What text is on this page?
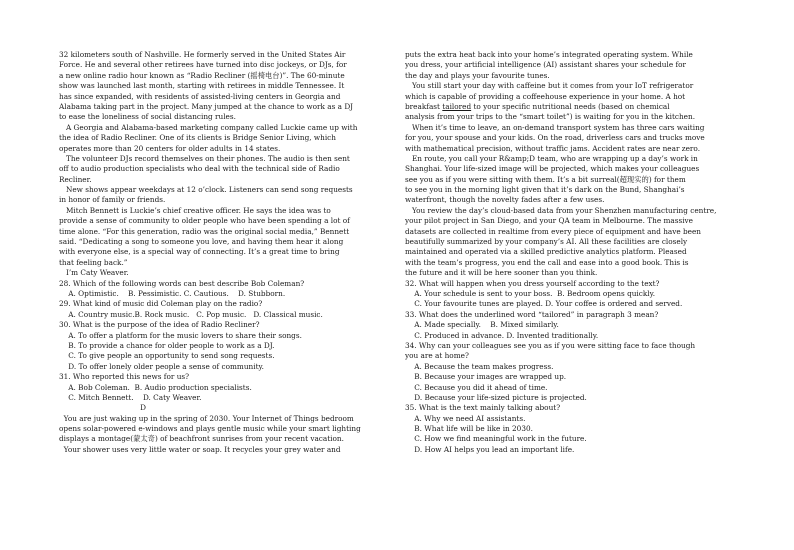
32 kilometers south of Nashville. He formerly served in the United States Air
Force. He and several other retirees have turned into disc jockeys, or DJs, for
a new online radio hour known as “Radio Recliner (摇椅电台)”. The 60-minute
show was launched last month, starting with retirees in middle Tennessee. It
has since expanded, with residents of assisted-living centers in Georgia and
Alabama taking part in the project. Many jumped at the chance to work as a DJ
to ease the loneliness of social distancing rules.
A Georgia and Alabama-based marketing company called Luckie came up with
the idea of Radio Recliner. One of its clients is Bridge Senior Living, which
operates more than 20 centers for older adults in 14 states.
The volunteer DJs record themselves on their phones. The audio is then sent
off to audio production specialists who deal with the technical side of Radio
Recliner.
New shows appear weekdays at 12 o’clock. Listeners can send song requests
in honor of family or friends.
Mitch Bennett is Luckie’s chief creative officer. He says the idea was to
provide a sense of community to older people who have been spending a lot of
time alone. “For this generation, radio was the original social media,” Bennett
said. “Dedicating a song to someone you love, and having them hear it along
with everyone else, is a special way of connecting. It’s a great time to bring
that feeling back.”
I’m Caty Weaver.
28. Which of the following words can best describe Bob Coleman?
A. Optimistic.    B. Pessimistic. C. Cautious.    D. Stubborn.
29. What kind of music did Coleman play on the radio?
A. Country music.B. Rock music.   C. Pop music.   D. Classical music.
30. What is the purpose of the idea of Radio Recliner?
A. To offer a platform for the music lovers to share their songs.
B. To provide a chance for older people to work as a DJ.
C. To give people an opportunity to send song requests.
D. To offer lonely older people a sense of community.
31. Who reported this news for us?
A. Bob Coleman.  B. Audio production specialists.
C. Mitch Bennett.    D. Caty Weaver.
D
You are just waking up in the spring of 2030. Your Internet of Things bedroom
opens solar-powered e-windows and plays gentle music while your smart lighting
displays a montage(蒙太奇) of beachfront sunrises from your recent vacation.
Your shower uses very little water or soap. It recycles your grey water and
puts the extra heat back into your home’s integrated operating system. While
you dress, your artificial intelligence (AI) assistant shares your schedule for
the day and plays your favourite tunes.
You still start your day with caffeine but it comes from your IoT refrigerator
which is capable of providing a coffeehouse experience in your home. A hot
breakfast tailored to your specific nutritional needs (based on chemical
analysis from your trips to the “smart toilet”) is waiting for you in the kitchen.
When it’s time to leave, an on-demand transport system has three cars waiting
for you, your spouse and your kids. On the road, driverless cars and trucks move
with mathematical precision, without traffic jams. Accident rates are near zero.
En route, you call your R&amp;D team, who are wrapping up a day’s work in
Shanghai. Your life-sized image will be projected, which makes your colleagues
see you as if you were sitting with them. It’s a bit surreal(超现实的) for them
to see you in the morning light given that it’s dark on the Bund, Shanghai’s
waterfront, though the novelty fades after a few uses.
You review the day’s cloud-based data from your Shenzhen manufacturing centre,
your pilot project in San Diego, and your QA team in Melbourne. The massive
datasets are collected in realtime from every piece of equipment and have been
beautifully summarized by your company’s AI. All these facilities are closely
maintained and operated via a skilled predictive analytics platform. Pleased
with the team’s progress, you end the call and ease into a good book. This is
the future and it will be here sooner than you think.
32. What will happen when you dress yourself according to the text?
A. Your schedule is sent to your boss.  B. Bedroom opens quickly.
C. Your favourite tunes are played. D. Your coffee is ordered and served.
33. What does the underlined word “tailored” in paragraph 3 mean?
A. Made specially.    B. Mixed similarly.
C. Produced in advance. D. Invented traditionally.
34. Why can your colleagues see you as if you were sitting face to face though
you are at home?
A. Because the team makes progress.
B. Because your images are wrapped up.
C. Because you did it ahead of time.
D. Because your life-sized picture is projected.
35. What is the text mainly talking about?
A. Why we need AI assistants.
B. What life will be like in 2030.
C. How we find meaningful work in the future.
D. How AI helps you lead an important life.
